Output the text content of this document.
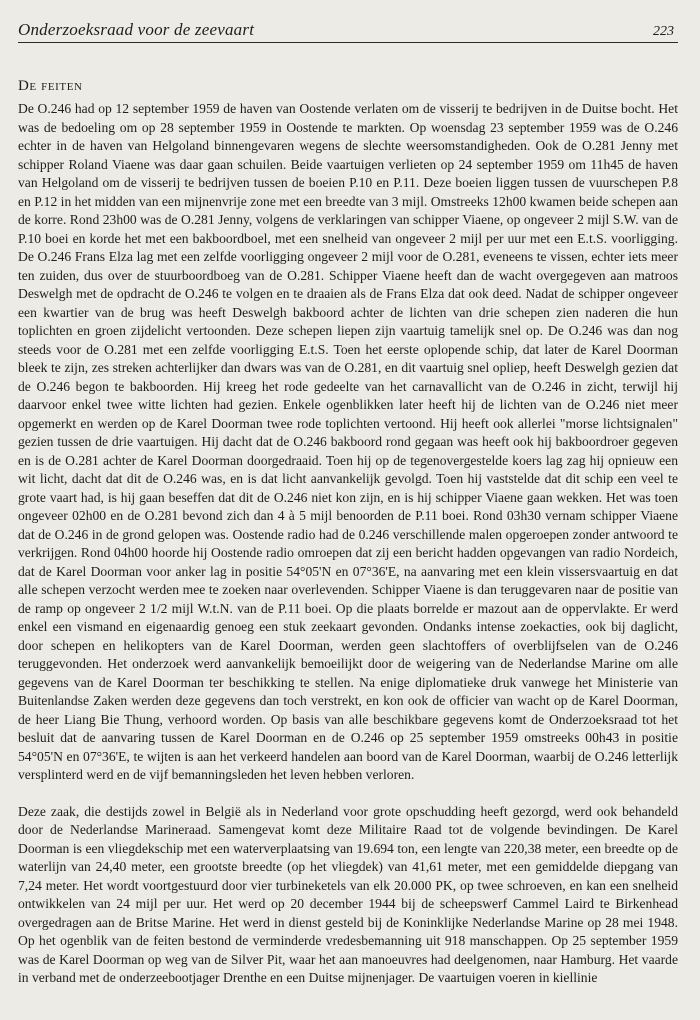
Onderzoeksraad voor de zeevaart	223
De feiten

De O.246 had op 12 september 1959 de haven van Oostende verlaten om de visserij te bedrijven in de Duitse bocht. Het was de bedoeling om op 28 september 1959 in Oostende te markten. Op woensdag 23 september 1959 was de O.246 echter in de haven van Helgoland binnengevaren wegens de slechte weersomstandigheden. Ook de O.281 Jenny met schipper Roland Viaene was daar gaan schuilen. Beide vaartuigen verlieten op 24 september 1959 om 11h45 de haven van Helgoland om de visserij te bedrijven tussen de boeien P.10 en P.11. Deze boeien liggen tussen de vuurschepen P.8 en P.12 in het midden van een mijnenvrije zone met een breedte van 3 mijl. Omstreeks 12h00 kwamen beide schepen aan de korre. Rond 23h00 was de O.281 Jenny, volgens de verklaringen van schipper Viaene, op ongeveer 2 mijl S.W. van de P.10 boei en korde het met een bakboordboel, met een snelheid van ongeveer 2 mijl per uur met een E.t.S. voorligging. De O.246 Frans Elza lag met een zelfde voorligging ongeveer 2 mijl voor de O.281, eveneens te vissen, echter iets meer ten zuiden, dus over de stuurboordboeg van de O.281. Schipper Viaene heeft dan de wacht overgegeven aan matroos Deswelgh met de opdracht de O.246 te volgen en te draaien als de Frans Elza dat ook deed. Nadat de schipper ongeveer een kwartier van de brug was heeft Deswelgh bakboord achter de lichten van drie schepen zien naderen die hun toplichten en groen zijdelicht vertoonden. Deze schepen liepen zijn vaartuig tamelijk snel op. De O.246 was dan nog steeds voor de O.281 met een zelfde voorligging E.t.S. Toen het eerste oplopende schip, dat later de Karel Doorman bleek te zijn, zes streken achterlijker dan dwars was van de O.281, en dit vaartuig snel opliep, heeft Deswelgh gezien dat de O.246 begon te bakboorden. Hij kreeg het rode gedeelte van het carnavallicht van de O.246 in zicht, terwijl hij daarvoor enkel twee witte lichten had gezien. Enkele ogenblikken later heeft hij de lichten van de O.246 niet meer opgemerkt en werden op de Karel Doorman twee rode toplichten vertoond. Hij heeft ook allerlei "morse lichtsignalen" gezien tussen de drie vaartuigen. Hij dacht dat de O.246 bakboord rond gegaan was heeft ook hij bakboordroer gegeven en is de O.281 achter de Karel Doorman doorgedraaid. Toen hij op de tegenovergestelde koers lag zag hij opnieuw een wit licht, dacht dat dit de O.246 was, en is dat licht aanvankelijk gevolgd. Toen hij vaststelde dat dit schip een veel te grote vaart had, is hij gaan beseffen dat dit de O.246 niet kon zijn, en is hij schipper Viaene gaan wekken. Het was toen ongeveer 02h00 en de O.281 bevond zich dan 4 à 5 mijl benoorden de P.11 boei. Rond 03h30 vernam schipper Viaene dat de O.246 in de grond gelopen was. Oostende radio had de 0.246 verschillende malen opgeroepen zonder antwoord te verkrijgen. Rond 04h00 hoorde hij Oostende radio omroepen dat zij een bericht hadden opgevangen van radio Nordeich, dat de Karel Doorman voor anker lag in positie 54°05'N en 07°36'E, na aanvaring met een klein vissersvaartuig en dat alle schepen verzocht werden mee te zoeken naar overlevenden. Schipper Viaene is dan teruggevaren naar de positie van de ramp op ongeveer 2 1/2 mijl W.t.N. van de P.11 boei. Op die plaats borrelde er mazout aan de oppervlakte. Er werd enkel een vismand en eigenaardig genoeg een stuk zeekaart gevonden. Ondanks intense zoekacties, ook bij daglicht, door schepen en helikopters van de Karel Doorman, werden geen slachtoffers of overblijfselen van de O.246 teruggevonden. Het onderzoek werd aanvankelijk bemoeilijkt door de weigering van de Nederlandse Marine om alle gegevens van de Karel Doorman ter beschikking te stellen. Na enige diplomatieke druk vanwege het Ministerie van Buitenlandse Zaken werden deze gegevens dan toch verstrekt, en kon ook de officier van wacht op de Karel Doorman, de heer Liang Bie Thung, verhoord worden. Op basis van alle beschikbare gegevens komt de Onderzoeksraad tot het besluit dat de aanvaring tussen de Karel Doorman en de O.246 op 25 september 1959 omstreeks 00h43 in positie 54°05'N en 07°36'E, te wijten is aan het verkeerd handelen aan boord van de Karel Doorman, waarbij de O.246 letterlijk versplinterd werd en de vijf bemanningsleden het leven hebben verloren.

Deze zaak, die destijds zowel in België als in Nederland voor grote opschudding heeft gezorgd, werd ook behandeld door de Nederlandse Marineraad. Samengevat komt deze Militaire Raad tot de volgende bevindingen. De Karel Doorman is een vliegdekschip met een waterverplaatsing van 19.694 ton, een lengte van 220,38 meter, een breedte op de waterlijn van 24,40 meter, een grootste breedte (op het vliegdek) van 41,61 meter, met een gemiddelde diepgang van 7,24 meter. Het wordt voortgestuurd door vier turbineketels van elk 20.000 PK, op twee schroeven, en kan een snelheid ontwikkelen van 24 mijl per uur. Het werd op 20 december 1944 bij de scheepswerf Cammel Laird te Birkenhead overgedragen aan de Britse Marine. Het werd in dienst gesteld bij de Koninklijke Nederlandse Marine op 28 mei 1948. Op het ogenblik van de feiten bestond de verminderde vredesbemanning uit 918 manschappen. Op 25 september 1959 was de Karel Doorman op weg van de Silver Pit, waar het aan manoeuvres had deelgenomen, naar Hamburg. Het vaarde in verband met de onderzeebootjager Drenthe en een Duitse mijnenjager. De vaartuigen voeren in kiellinie
